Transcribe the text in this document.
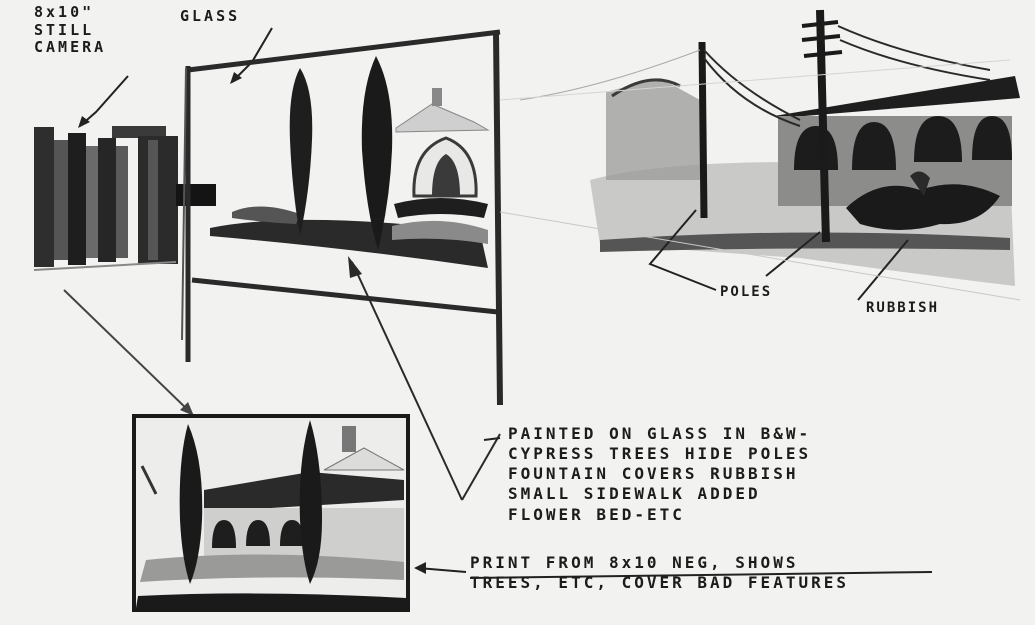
8x10"
STILL
CAMERA
GLASS
POLES
RUBBISH
PAINTED ON GLASS IN B&W-
CYPRESS TREES HIDE POLES
FOUNTAIN COVERS RUBBISH
SMALL SIDEWALK ADDED
FLOWER BED-ETC
PRINT FROM 8x10 NEG, SHOWS
TREES, ETC, COVER BAD FEATURES
